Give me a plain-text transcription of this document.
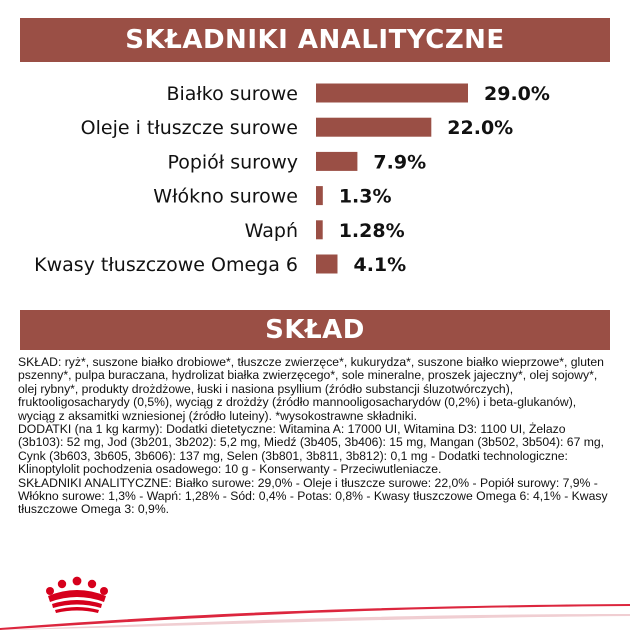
SKŁADNIKI ANALITYCZNE
Białko surowe	29.0%
Oleje i tłuszcze surowe	22.0%
Popiół surowy	7.9%
Włókno surowe 1.3%
Wapń 1.28%
Kwasy tłuszczowe Omega 6	4.1%
SKŁAD

SKŁAD: ryż*, suszone białko drobiowe*, tłuszcze zwierzęce*, kukurydza*, suszone białko wieprzowe*, gluten pszenny*, pulpa buraczana, hydrolizat białka zwierzęcego*, sole mineralne, proszek jajeczny*, olej sojowy*, olej rybny*, produkty drożdżowe, łuski i nasiona psyllium (źródło substancji śluzotwórczych), fruktooligosacharydy (0,5%), wyciąg z drożdży (źródło mannooligosacharydów (0,2%) i beta-glukanów), wyciąg z aksamitki wzniesionej (źródło luteiny). *wysokostrawne składniki.

DODATKI (na 1 kg karmy): Dodatki dietetyczne: Witamina A: 17000 UI, Witamina D3: 1100 UI, Żelazo (3b103): 52 mg, Jod (3b201, 3b202): 5,2 mg, Miedź (3b405, 3b406): 15 mg, Mangan (3b502, 3b504): 67 mg, Cynk (3b603, 3b605, 3b606): 137 mg, Selen (3b801, 3b811, 3b812): 0,1 mg - Dodatki technologiczne: Klinoptylolit pochodzenia osadowego: 10 g - Konserwanty - Przeciwutleniacze.

SKŁADNIKI ANALITYCZNE: Białko surowe: 29,0% - Oleje i tłuszcze surowe: 22,0% - Popiół surowy: 7,9% - Włókno surowe: 1,3% - Wapń: 1,28% - Sód: 0,4% - Potas: 0,8% - Kwasy tłuszczowe Omega 6: 4,1% - Kwasy tłuszczowe Omega 3: 0,9%.
